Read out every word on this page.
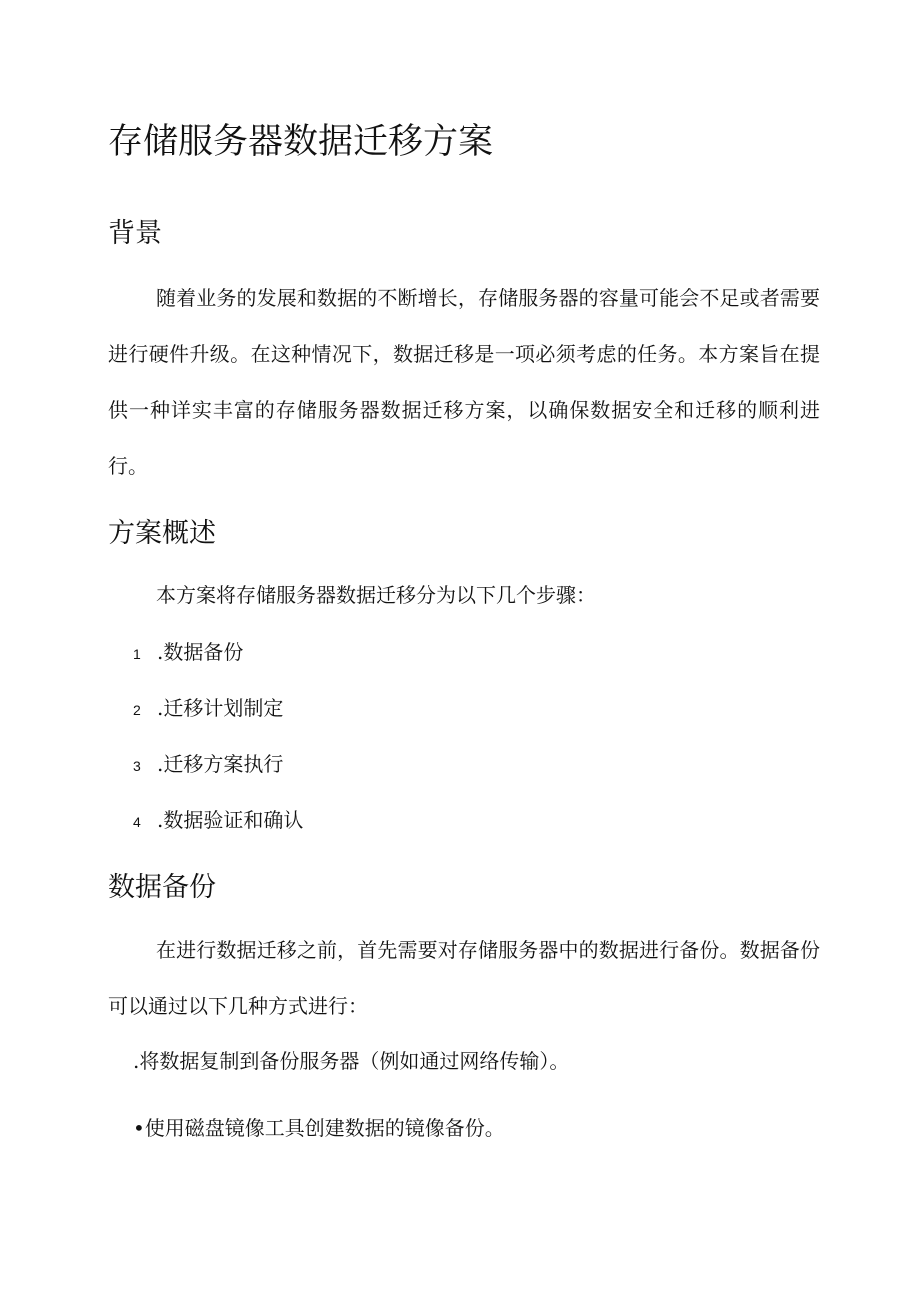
存储服务器数据迁移方案
背景

随着业务的发展和数据的不断增长，存储服务器的容量可能会不足或者需要进行硬件升级。在这种情况下，数据迁移是一项必须考虑的任务。本方案旨在提供一种详实丰富的存储服务器数据迁移方案，以确保数据安全和迁移的顺利进行。

方案概述

本方案将存储服务器数据迁移分为以下几个步骤：

1 .数据备份
2 .迁移计划制定
3 .迁移方案执行
4 .数据验证和确认
数据备份

在进行数据迁移之前，首先需要对存储服务器中的数据进行备份。数据备份可以通过以下几种方式进行：

.将数据复制到备份服务器（例如通过网络传输）。

•使用磁盘镜像工具创建数据的镜像备份。
